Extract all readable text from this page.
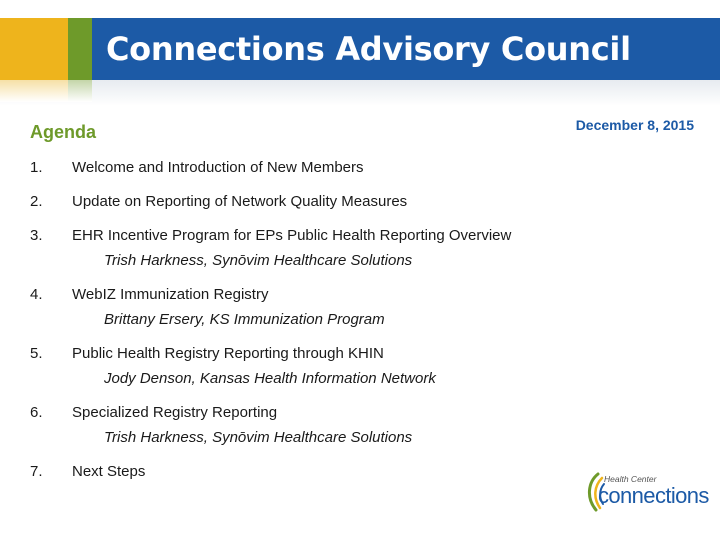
Connections Advisory Council
December 8, 2015
Agenda
1.	Welcome and Introduction of New Members
2.	Update on Reporting of Network Quality Measures
3.	EHR Incentive Program for EPs Public Health Reporting Overview
Trish Harkness, Synōvim Healthcare Solutions
4.	WebIZ Immunization Registry
Brittany Ersery, KS Immunization Program
5.	Public Health Registry Reporting through KHIN
Jody Denson, Kansas Health Information Network
6.	Specialized Registry Reporting
Trish Harkness, Synōvim Healthcare Solutions
7.	Next Steps	Health Center
connections
